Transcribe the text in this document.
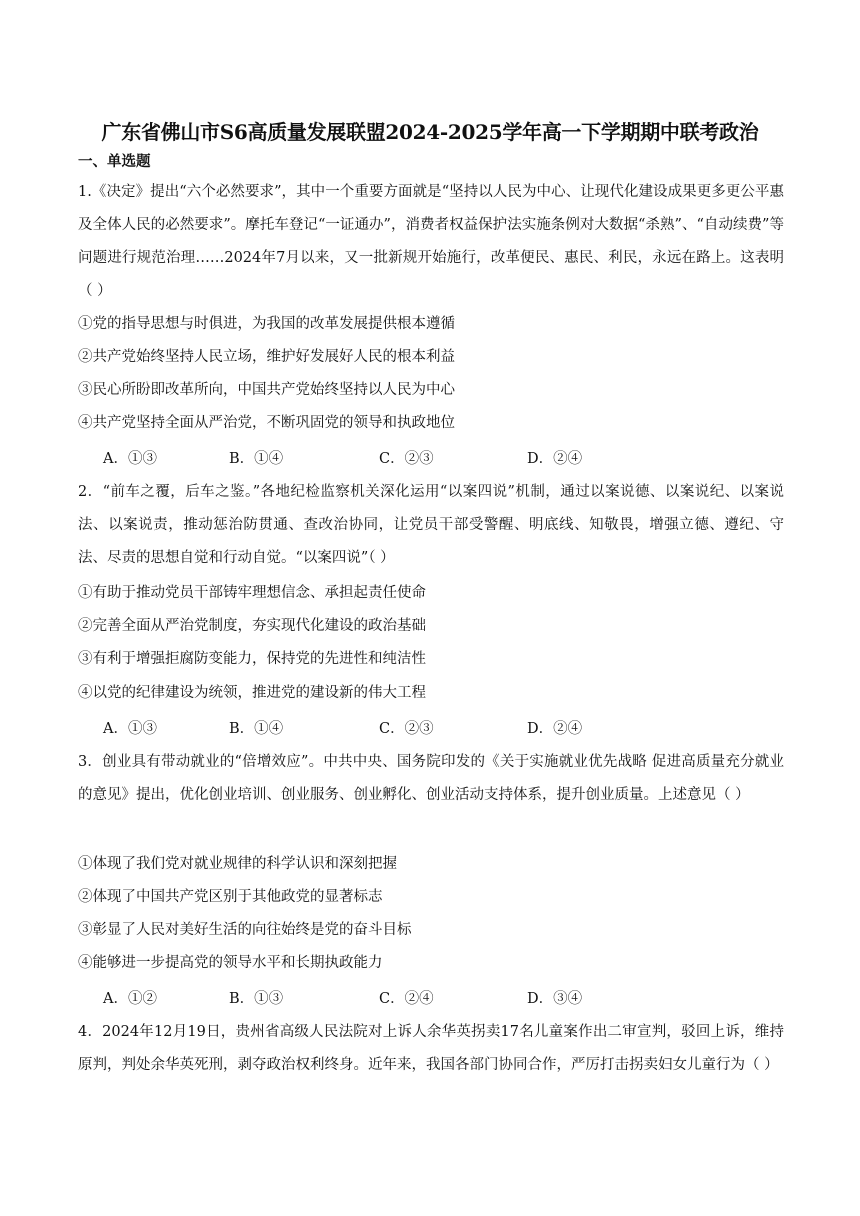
广东省佛山市S6高质量发展联盟2024-2025学年高一下学期期中联考政治
一、单选题
1.《决定》提出“六个必然要求”，其中一个重要方面就是“坚持以人民为中心、让现代化建设成果更多更公平惠及全体人民的必然要求”。摩托车登记“一证通办”，消费者权益保护法实施条例对大数据“杀熟”、“自动续费”等问题进行规范治理……2024年7月以来，又一批新规开始施行，改革便民、惠民、利民，永远在路上。这表明（ ）
①党的指导思想与时俱进，为我国的改革发展提供根本遵循
②共产党始终坚持人民立场，维护好发展好人民的根本利益
③民心所盼即改革所向，中国共产党始终坚持以人民为中心
④共产党坚持全面从严治党，不断巩固党的领导和执政地位
A．①③	B．①④	C．②③	D．②④
2．“前车之覆，后车之鉴。”各地纪检监察机关深化运用“以案四说”机制，通过以案说德、以案说纪、以案说法、以案说责，推动惩治防贯通、查改治协同，让党员干部受警醒、明底线、知敬畏，增强立德、遵纪、守法、尽责的思想自觉和行动自觉。“以案四说”（ ）
①有助于推动党员干部铸牢理想信念、承担起责任使命
②完善全面从严治党制度，夯实现代化建设的政治基础
③有利于增强拒腐防变能力，保持党的先进性和纯洁性
④以党的纪律建设为统领，推进党的建设新的伟大工程
A．①③	B．①④	C．②③	D．②④
3．创业具有带动就业的“倍增效应”。中共中央、国务院印发的《关于实施就业优先战略 促进高质量充分就业的意见》提出，优化创业培训、创业服务、创业孵化、创业活动支持体系，提升创业质量。上述意见（ ）
①体现了我们党对就业规律的科学认识和深刻把握
②体现了中国共产党区别于其他政党的显著标志
③彰显了人民对美好生活的向往始终是党的奋斗目标
④能够进一步提高党的领导水平和长期执政能力
A．①②	B．①③	C．②④	D．③④
4．2024年12月19日，贵州省高级人民法院对上诉人余华英拐卖17名儿童案作出二审宣判，驳回上诉，维持原判，判处余华英死刑，剥夺政治权利终身。近年来，我国各部门协同合作，严厉打击拐卖妇女儿童行为（ ）
